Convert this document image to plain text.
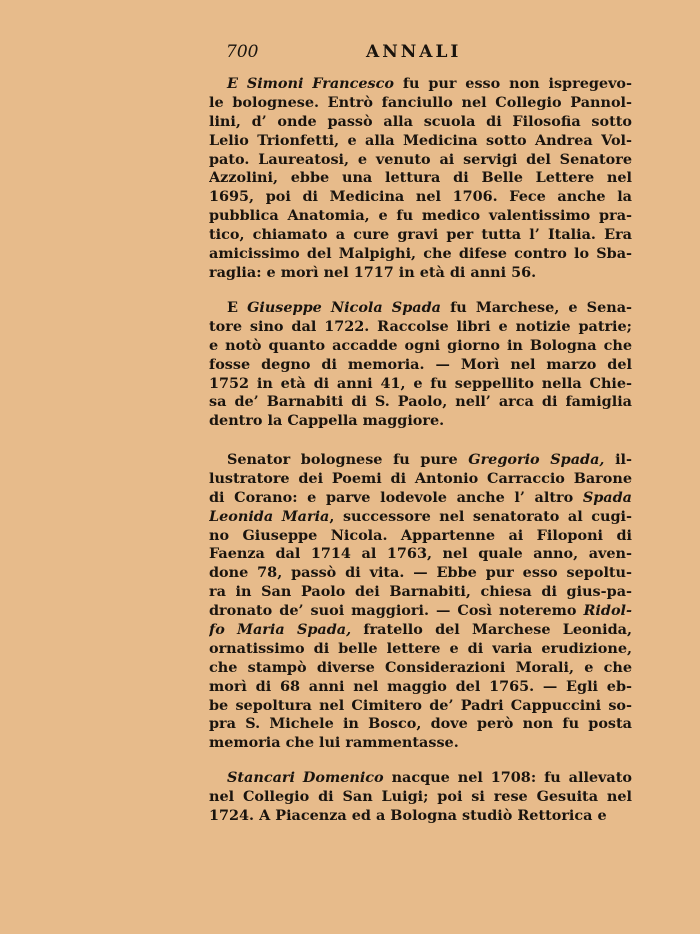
700	ANNALI
E Simoni Francesco fu pur esso non ispregevo-
le bolognese. Entrò fanciullo nel Collegio Pannol-
lini, d’ onde passò alla scuola di Filosofia sotto
Lelio Trionfetti, e alla Medicina sotto Andrea Vol-
pato. Laureatosi, e venuto ai servigi del Senatore
Azzolini, ebbe una lettura di Belle Lettere nel
1695, poi di Medicina nel 1706. Fece anche la
pubblica Anatomia, e fu medico valentissimo pra-
tico, chiamato a cure gravi per tutta l’ Italia. Era
amicissimo del Malpighi, che difese contro lo Sba-
raglia: e morì nel 1717 in età di anni 56.
E Giuseppe Nicola Spada fu Marchese, e Sena-
tore sino dal 1722. Raccolse libri e notizie patrie;
e notò quanto accadde ogni giorno in Bologna che
fosse degno di memoria. — Morì nel marzo del
1752 in età di anni 41, e fu seppellito nella Chie-
sa de’ Barnabiti di S. Paolo, nell’ arca di famiglia
dentro la Cappella maggiore.
Senator bolognese fu pure Gregorio Spada, il-
lustratore dei Poemi di Antonio Carraccio Barone
di Corano: e parve lodevole anche l’ altro Spada
Leonida Maria, successore nel senatorato al cugi-
no Giuseppe Nicola. Appartenne ai Filoponi di
Faenza dal 1714 al 1763, nel quale anno, aven-
done 78, passò di vita. — Ebbe pur esso sepoltu-
ra in San Paolo dei Barnabiti, chiesa di gius-pa-
dronato de’ suoi maggiori. — Così noteremo Ridol-
fo Maria Spada, fratello del Marchese Leonida,
ornatissimo di belle lettere e di varia erudizione,
che stampò diverse Considerazioni Morali, e che
morì di 68 anni nel maggio del 1765. — Egli eb-
be sepoltura nel Cimitero de’ Padri Cappuccini so-
pra S. Michele in Bosco, dove però non fu posta
memoria che lui rammentasse.
Stancari Domenico nacque nel 1708: fu allevato
nel Collegio di San Luigi; poi si rese Gesuita nel
1724. A Piacenza ed a Bologna studiò Rettorica e
